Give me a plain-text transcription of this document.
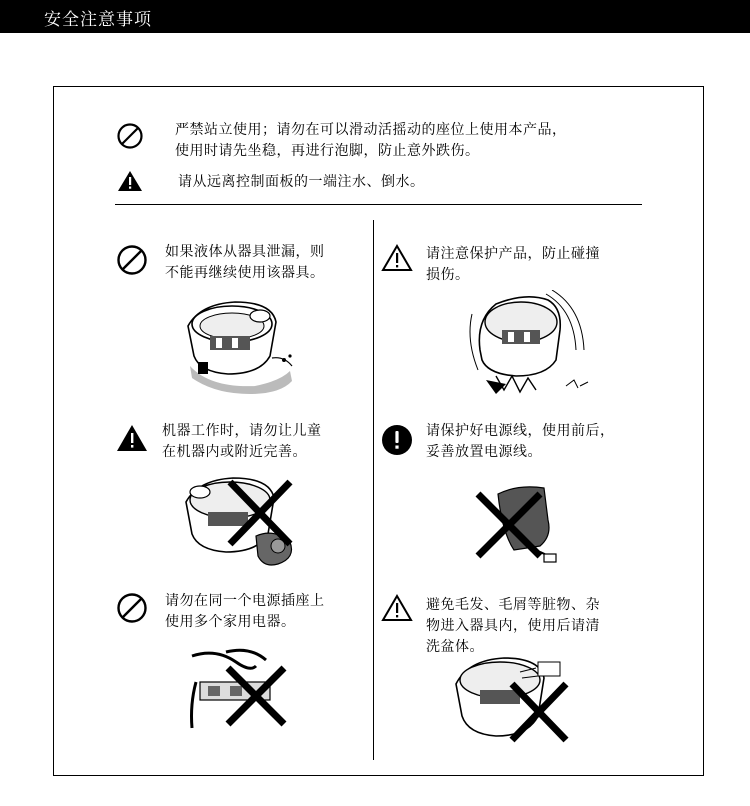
安全注意事项
严禁站立使用；请勿在可以滑动活摇动的座位上使用本产品，
使用时请先坐稳，再进行泡脚，防止意外跌伤。
请从远离控制面板的一端注水、倒水。
如果液体从器具泄漏，则
不能再继续使用该器具。
请注意保护产品，防止碰撞
损伤。
机器工作时，请勿让儿童
在机器内或附近完善。
请保护好电源线，使用前后，
妥善放置电源线。
请勿在同一个电源插座上
使用多个家用电器。
避免毛发、毛屑等脏物、杂
物进入器具内，使用后请清
洗盆体。
